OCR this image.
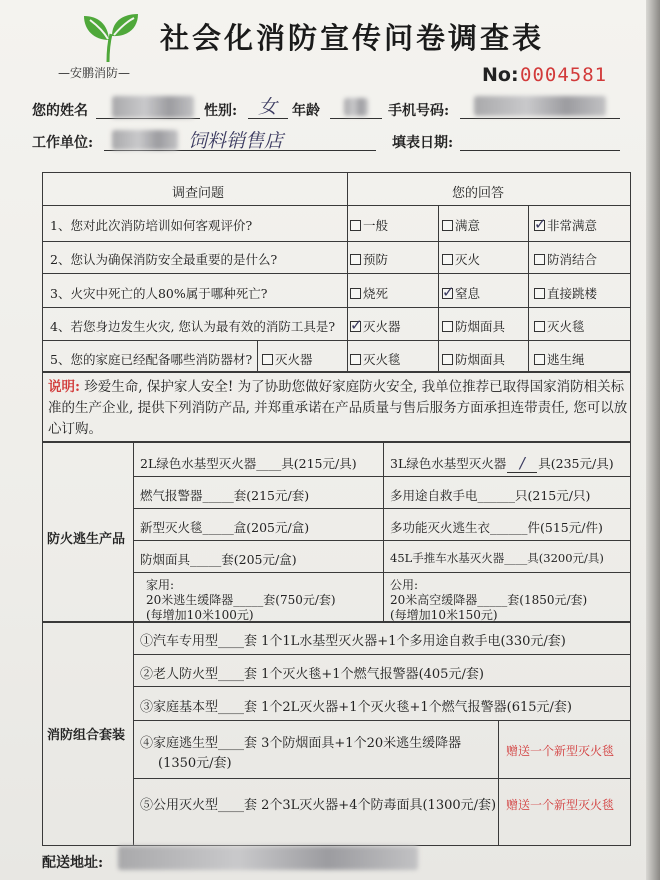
—安鹏消防—
社会化消防宣传问卷调查表
No: 0004581
您的姓名	性别: 女 年龄	手机号码:
工作单位:	饲料销售店	填表日期:
调查问题	您的回答
1、您对此次消防培训如何客观评价?	一般	满意 ✓	非常满意
2、您认为确保消防安全最重要的是什么?	预防	灭火	防消结合
3、火灾中死亡的人80%属于哪种死亡?	烧死 ✓	窒息	直接跳楼
4、若您身边发生火灾, 您认为最有效的消防工具是? ✓	灭火器	防烟面具	灭火毯
5、您的家庭已经配备哪些消防器材?	灭火器	灭火毯	防烟面具	逃生绳
说明: 珍爱生命, 保护家人安全! 为了协助您做好家庭防火安全, 我单位推荐已取得国家消防相关标准的生产企业, 提供下列消防产品, 并郑重承诺在产品质量与售后服务方面承担连带责任, 您可以放心订购。
防火逃生产品
2L绿色水基型灭火器____具(215元/具)	3L绿色水基型灭火器 / 具(235元/具)
燃气报警器_____套(215元/套)	多用途自救手电______只(215元/只)
新型灭火毯_____盒(205元/盒)	多功能灭火逃生衣______件(515元/件)
防烟面具_____套(205元/盒)	45L手推车水基灭火器____具(3200元/具)
家用:
20米逃生缓降器_____套(750元/套)
(每增加10米100元)
公用:
20米高空缓降器_____套(1850元/套)
(每增加10米150元)
消防组合套装
①汽车专用型____套 1个1L水基型灭火器+1个多用途自救手电(330元/套)
②老人防火型____套 1个灭火毯+1个燃气报警器(405元/套)
③家庭基本型____套 1个2L灭火器+1个灭火毯+1个燃气报警器(615元/套)
④家庭逃生型____套 3个防烟面具+1个20米逃生缓降器
(1350元/套)
赠送一个新型灭火毯
⑤公用灭火型____套 2个3L灭火器+4个防毒面具(1300元/套) 赠送一个新型灭火毯
配送地址:
